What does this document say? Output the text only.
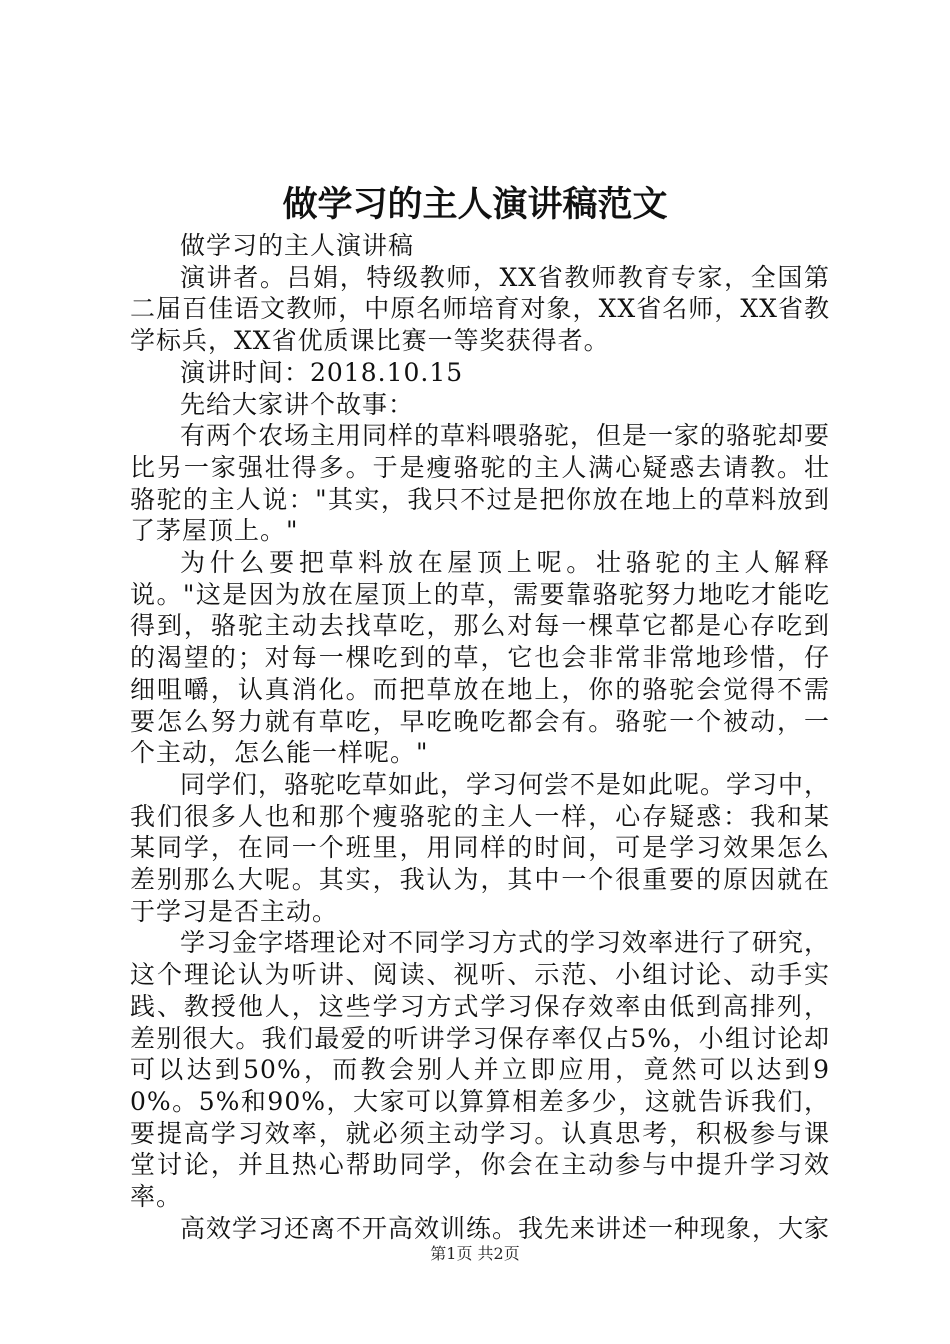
做学习的主人演讲稿范文

做学习的主人演讲稿

演讲者。吕娟，特级教师，XX省教师教育专家，全国第二届百佳语文教师，中原名师培育对象，XX省名师，XX省教学标兵，XX省优质课比赛一等奖获得者。

演讲时间：2018.10.15

先给大家讲个故事：

有两个农场主用同样的草料喂骆驼，但是一家的骆驼却要比另一家强壮得多。于是瘦骆驼的主人满心疑惑去请教。壮骆驼的主人说："其实，我只不过是把你放在地上的草料放到了茅屋顶上。"

为什么要把草料放在屋顶上呢。壮骆驼的主人解释说。"这是因为放在屋顶上的草，需要靠骆驼努力地吃才能吃得到，骆驼主动去找草吃，那么对每一棵草它都是心存吃到的渴望的；对每一棵吃到的草，它也会非常非常地珍惜，仔细咀嚼，认真消化。而把草放在地上，你的骆驼会觉得不需要怎么努力就有草吃，早吃晚吃都会有。骆驼一个被动，一个主动，怎么能一样呢。"

同学们，骆驼吃草如此，学习何尝不是如此呢。学习中，我们很多人也和那个瘦骆驼的主人一样，心存疑惑：我和某某同学，在同一个班里，用同样的时间，可是学习效果怎么差别那么大呢。其实，我认为，其中一个很重要的原因就在于学习是否主动。

学习金字塔理论对不同学习方式的学习效率进行了研究，这个理论认为听讲、阅读、视听、示范、小组讨论、动手实践、教授他人，这些学习方式学习保存效率由低到高排列，差别很大。我们最爱的听讲学习保存率仅占5%，小组讨论却可以达到50%，而教会别人并立即应用，竟然可以达到90%。5%和90%，大家可以算算相差多少，这就告诉我们，要提高学习效率，就必须主动学习。认真思考，积极参与课堂讨论，并且热心帮助同学，你会在主动参与中提升学习效率。

高效学习还离不开高效训练。我先来讲述一种现象，大家

第1页 共2页
